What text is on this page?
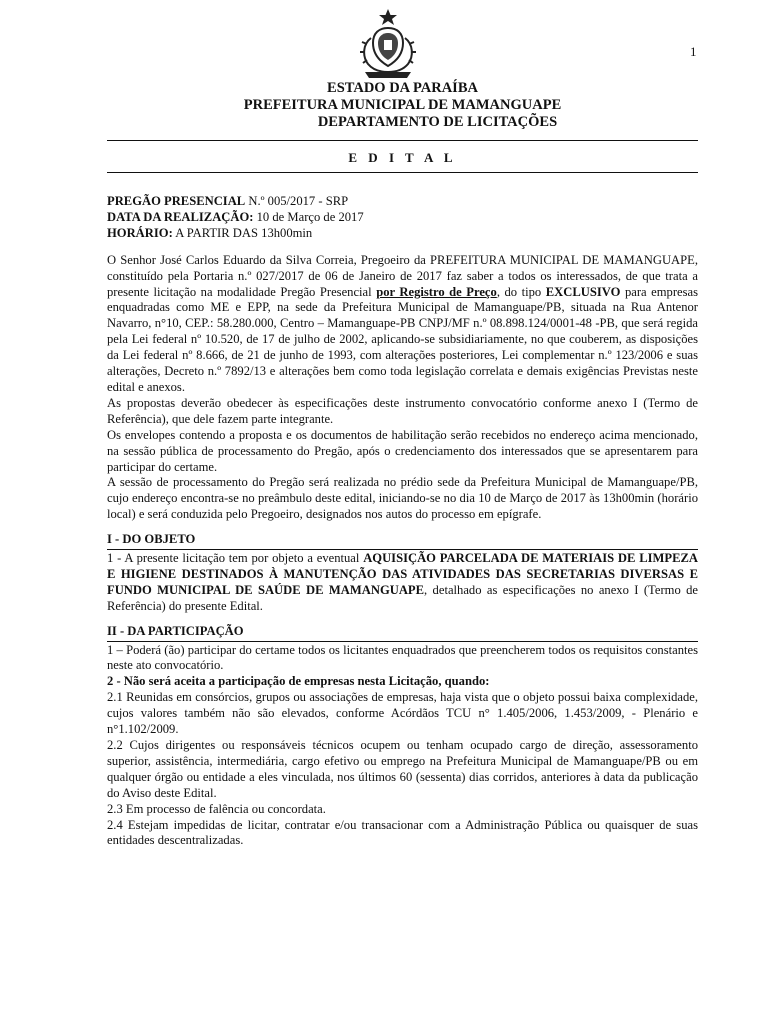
1
ESTADO DA PARAÍBA
PREFEITURA MUNICIPAL DE MAMANGUAPE
DEPARTAMENTO DE LICITAÇÕES
E D I T A L

PREGÃO PRESENCIAL N.º 005/2017 - SRP

DATA DA REALIZAÇÃO: 10 de Março de 2017

HORÁRIO: A PARTIR DAS 13h00min

O Senhor José Carlos Eduardo da Silva Correia, Pregoeiro da PREFEITURA MUNICIPAL DE MAMANGUAPE, constituído pela Portaria n.º 027/2017 de 06 de Janeiro de 2017 faz saber a todos os interessados, de que trata a presente licitação na modalidade Pregão Presencial por Registro de Preço, do tipo EXCLUSIVO para empresas enquadradas como ME e EPP, na sede da Prefeitura Municipal de Mamanguape/PB, situada na Rua Antenor Navarro, n°10, CEP.: 58.280.000, Centro – Mamanguape-PB CNPJ/MF n.º 08.898.124/0001-48 -PB, que será regida pela Lei federal nº 10.520, de 17 de julho de 2002, aplicando-se subsidiariamente, no que couberem, as disposições da Lei federal nº 8.666, de 21 de junho de 1993, com alterações posteriores, Lei complementar n.º 123/2006 e suas alterações, Decreto n.º 7892/13 e alterações bem como toda legislação correlata e demais exigências Previstas neste edital e anexos.

As propostas deverão obedecer às especificações deste instrumento convocatório conforme anexo I (Termo de Referência), que dele fazem parte integrante.

Os envelopes contendo a proposta e os documentos de habilitação serão recebidos no endereço acima mencionado, na sessão pública de processamento do Pregão, após o credenciamento dos interessados que se apresentarem para participar do certame.

A sessão de processamento do Pregão será realizada no prédio sede da Prefeitura Municipal de Mamanguape/PB, cujo endereço encontra-se no preâmbulo deste edital, iniciando-se no dia 10 de Março de 2017 às 13h00min (horário local) e será conduzida pelo Pregoeiro, designados nos autos do processo em epígrafe.

I - DO OBJETO

1 - A presente licitação tem por objeto a eventual AQUISIÇÃO PARCELADA DE MATERIAIS DE LIMPEZA E HIGIENE DESTINADOS À MANUTENÇÃO DAS ATIVIDADES DAS SECRETARIAS DIVERSAS E FUNDO MUNICIPAL DE SAÚDE DE MAMANGUAPE, detalhado as especificações no anexo I (Termo de Referência) do presente Edital.

II - DA PARTICIPAÇÃO

1 – Poderá (ão) participar do certame todos os licitantes enquadrados que preencherem todos os requisitos constantes neste ato convocatório.

2 - Não será aceita a participação de empresas nesta Licitação, quando:

2.1 Reunidas em consórcios, grupos ou associações de empresas, haja vista que o objeto possui baixa complexidade, cujos valores também não são elevados, conforme Acórdãos TCU n° 1.405/2006, 1.453/2009, - Plenário e n°1.102/2009.

2.2 Cujos dirigentes ou responsáveis técnicos ocupem ou tenham ocupado cargo de direção, assessoramento superior, assistência, intermediária, cargo efetivo ou emprego na Prefeitura Municipal de Mamanguape/PB ou em qualquer órgão ou entidade a eles vinculada, nos últimos 60 (sessenta) dias corridos, anteriores à data da publicação do Aviso deste Edital.

2.3 Em processo de falência ou concordata.

2.4 Estejam impedidas de licitar, contratar e/ou transacionar com a Administração Pública ou quaisquer de suas entidades descentralizadas.
